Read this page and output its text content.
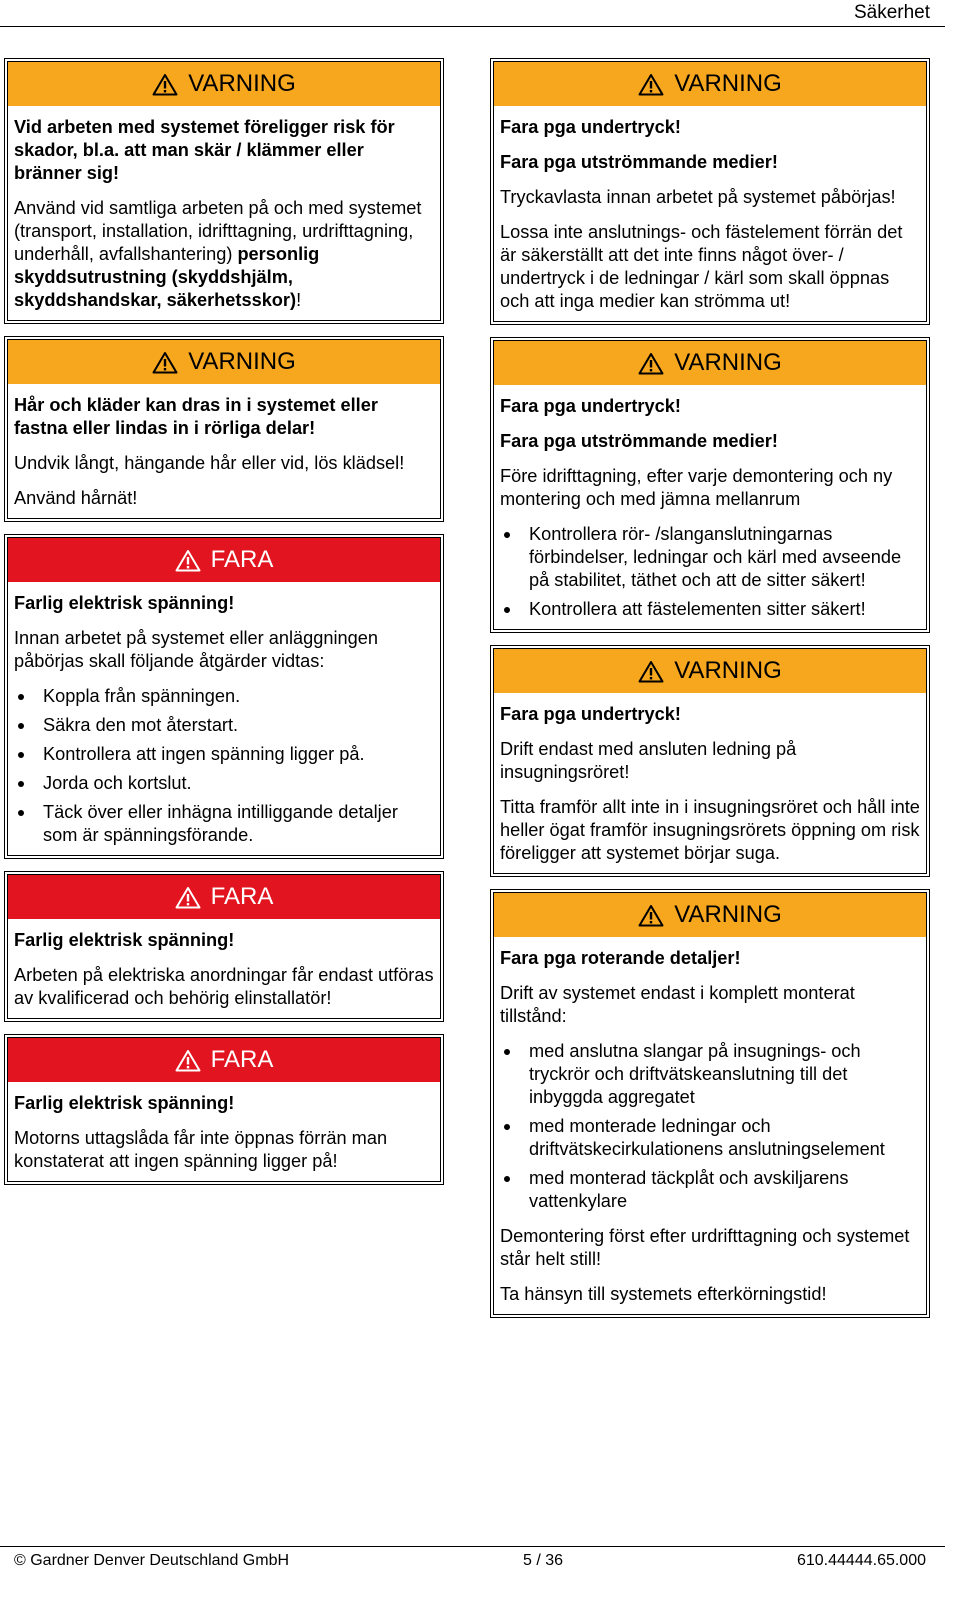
Säkerhet
VARNING

Vid arbeten med systemet föreligger risk för skador, bl.a. att man skär / klämmer eller bränner sig!

Använd vid samtliga arbeten på och med systemet (transport, installation, idrifttagning, urdrifttagning, underhåll, avfallshantering) personlig skyddsutrustning (skyddshjälm, skyddshandskar, säkerhetsskor)!

VARNING

Hår och kläder kan dras in i systemet eller fastna eller lindas in i rörliga delar!

Undvik långt, hängande hår eller vid, lös klädsel!

Använd hårnät!

FARA

Farlig elektrisk spänning!

Innan arbetet på systemet eller anläggningen påbörjas skall följande åtgärder vidtas:

Koppla från spänningen.
Säkra den mot återstart.
Kontrollera att ingen spänning ligger på.
Jorda och kortslut.
Täck över eller inhägna intilliggande detaljer som är spänningsförande.
FARA

Farlig elektrisk spänning!

Arbeten på elektriska anordningar får endast utföras av kvalificerad och behörig elinstallatör!

FARA

Farlig elektrisk spänning!

Motorns uttagslåda får inte öppnas förrän man konstaterat att ingen spänning ligger på!

VARNING

Fara pga undertryck!

Fara pga utströmmande medier!

Tryckavlasta innan arbetet på systemet påbörjas!

Lossa inte anslutnings- och fästelement förrän det är säkerställt att det inte finns något över- / undertryck i de ledningar / kärl som skall öppnas och att inga medier kan strömma ut!

VARNING

Fara pga undertryck!

Fara pga utströmmande medier!

Före idrifttagning, efter varje demontering och ny montering och med jämna mellanrum

Kontrollera rör- /slanganslutningarnas förbindelser, ledningar och kärl med avseende på stabilitet, täthet och att de sitter säkert!
Kontrollera att fästelementen sitter säkert!
VARNING

Fara pga undertryck!

Drift endast med ansluten ledning på insugningsröret!

Titta framför allt inte in i insugningsröret och håll inte heller ögat framför insugningsrörets öppning om risk föreligger att systemet börjar suga.

VARNING

Fara pga roterande detaljer!

Drift av systemet endast i komplett monterat tillstånd:

med anslutna slangar på insugnings- och tryckrör och driftvätskeanslutning till det inbyggda aggregatet
med monterade ledningar och driftvätskecirkulationens anslutningselement
med monterad täckplåt och avskiljarens vattenkylare

Demontering först efter urdrifttagning och systemet står helt still!

Ta hänsyn till systemets efterkörningstid!

© Gardner Denver Deutschland GmbH	5 / 36	610.44444.65.000
